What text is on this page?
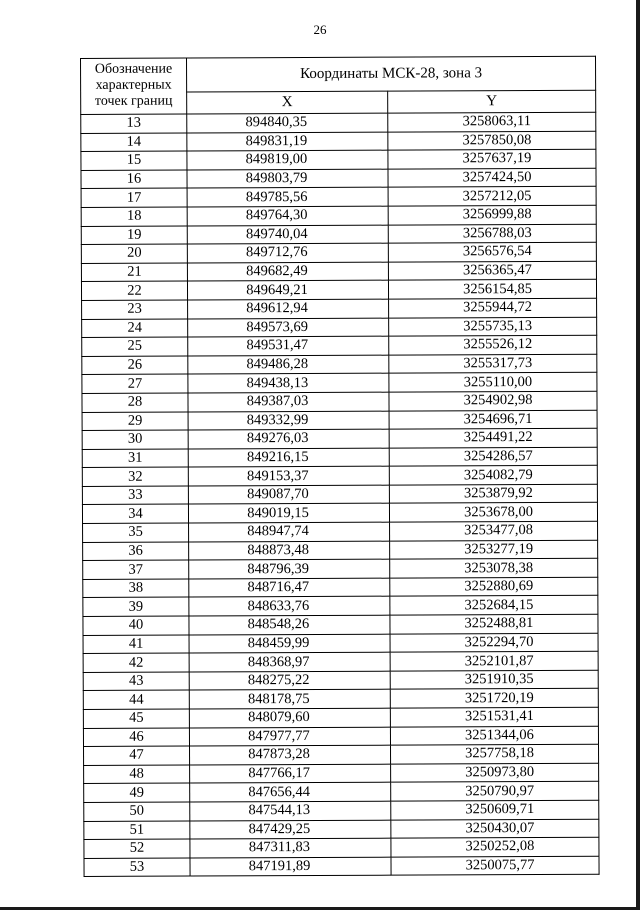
26
Обозначение характерных точек границ	Координаты МСК-28, зона 3	
	X	Y
13	894840,35	3258063,11
14	849831,19	3257850,08
15	849819,00	3257637,19
16	849803,79	3257424,50
17	849785,56	3257212,05
18	849764,30	3256999,88
19	849740,04	3256788,03
20	849712,76	3256576,54
21	849682,49	3256365,47
22	849649,21	3256154,85
23	849612,94	3255944,72
24	849573,69	3255735,13
25	849531,47	3255526,12
26	849486,28	3255317,73
27	849438,13	3255110,00
28	849387,03	3254902,98
29	849332,99	3254696,71
30	849276,03	3254491,22
31	849216,15	3254286,57
32	849153,37	3254082,79
33	849087,70	3253879,92
34	849019,15	3253678,00
35	848947,74	3253477,08
36	848873,48	3253277,19
37	848796,39	3253078,38
38	848716,47	3252880,69
39	848633,76	3252684,15
40	848548,26	3252488,81
41	848459,99	3252294,70
42	848368,97	3252101,87
43	848275,22	3251910,35
44	848178,75	3251720,19
45	848079,60	3251531,41
46	847977,77	3251344,06
47	847873,28	3257758,18
48	847766,17	3250973,80
49	847656,44	3250790,97
50	847544,13	3250609,71
51	847429,25	3250430,07
52	847311,83	3250252,08
53	847191,89	3250075,77
